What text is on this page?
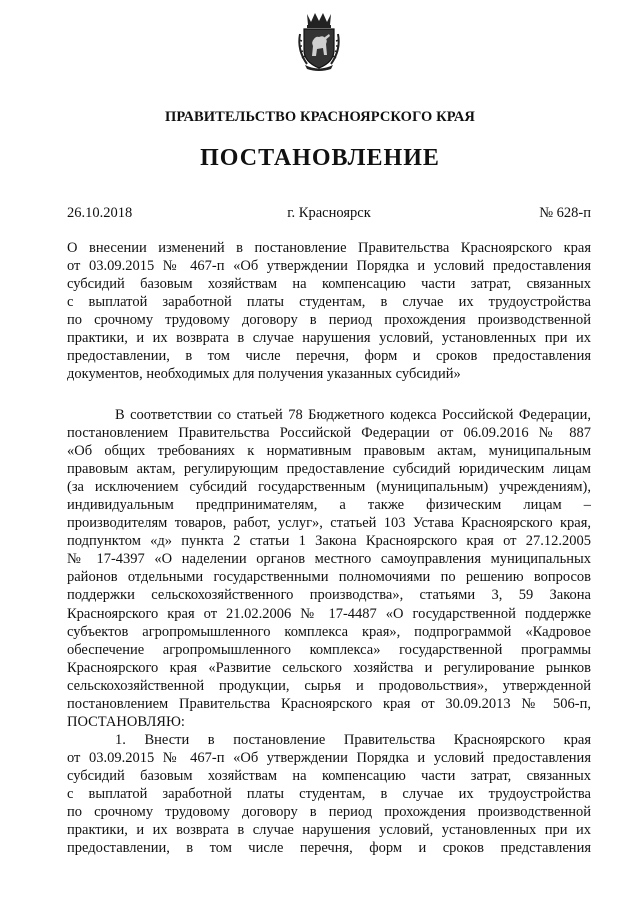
ПРАВИТЕЛЬСТВО КРАСНОЯРСКОГО КРАЯ
ПОСТАНОВЛЕНИЕ
26.10.2018	г. Красноярск	№ 628-п
О внесении изменений в постановление Правительства Красноярского края
от 03.09.2015 № 467-п «Об утверждении Порядка и условий предоставления
субсидий базовым хозяйствам на компенсацию части затрат, связанных
с выплатой заработной платы студентам, в случае их трудоустройства
по срочному трудовому договору в период прохождения производственной
практики, и их возврата в случае нарушения условий, установленных при их
предоставлении, в том числе перечня, форм и сроков предоставления
документов, необходимых для получения указанных субсидий»
В соответствии со статьей 78 Бюджетного кодекса Российской Федерации,
постановлением Правительства Российской Федерации от 06.09.2016 № 887
«Об общих требованиях к нормативным правовым актам, муниципальным
правовым актам, регулирующим предоставление субсидий юридическим лицам
(за исключением субсидий государственным (муниципальным) учреждениям),
индивидуальным предпринимателям, а также физическим лицам –
производителям товаров, работ, услуг», статьей 103 Устава Красноярского края,
подпунктом «д» пункта 2 статьи 1 Закона Красноярского края от 27.12.2005
№ 17-4397 «О наделении органов местного самоуправления муниципальных
районов отдельными государственными полномочиями по решению вопросов
поддержки сельскохозяйственного производства», статьями 3, 59 Закона
Красноярского края от 21.02.2006 № 17-4487 «О государственной поддержке
субъектов агропромышленного комплекса края», подпрограммой «Кадровое
обеспечение агропромышленного комплекса» государственной программы
Красноярского края «Развитие сельского хозяйства и регулирование рынков
сельскохозяйственной продукции, сырья и продовольствия», утвержденной
постановлением Правительства Красноярского края от 30.09.2013 № 506-п,
ПОСТАНОВЛЯЮ:
1. Внести в постановление Правительства Красноярского края
от 03.09.2015 № 467-п «Об утверждении Порядка и условий предоставления
субсидий базовым хозяйствам на компенсацию части затрат, связанных
с выплатой заработной платы студентам, в случае их трудоустройства
по срочному трудовому договору в период прохождения производственной
практики, и их возврата в случае нарушения условий, установленных при их
предоставлении, в том числе перечня, форм и сроков представления
